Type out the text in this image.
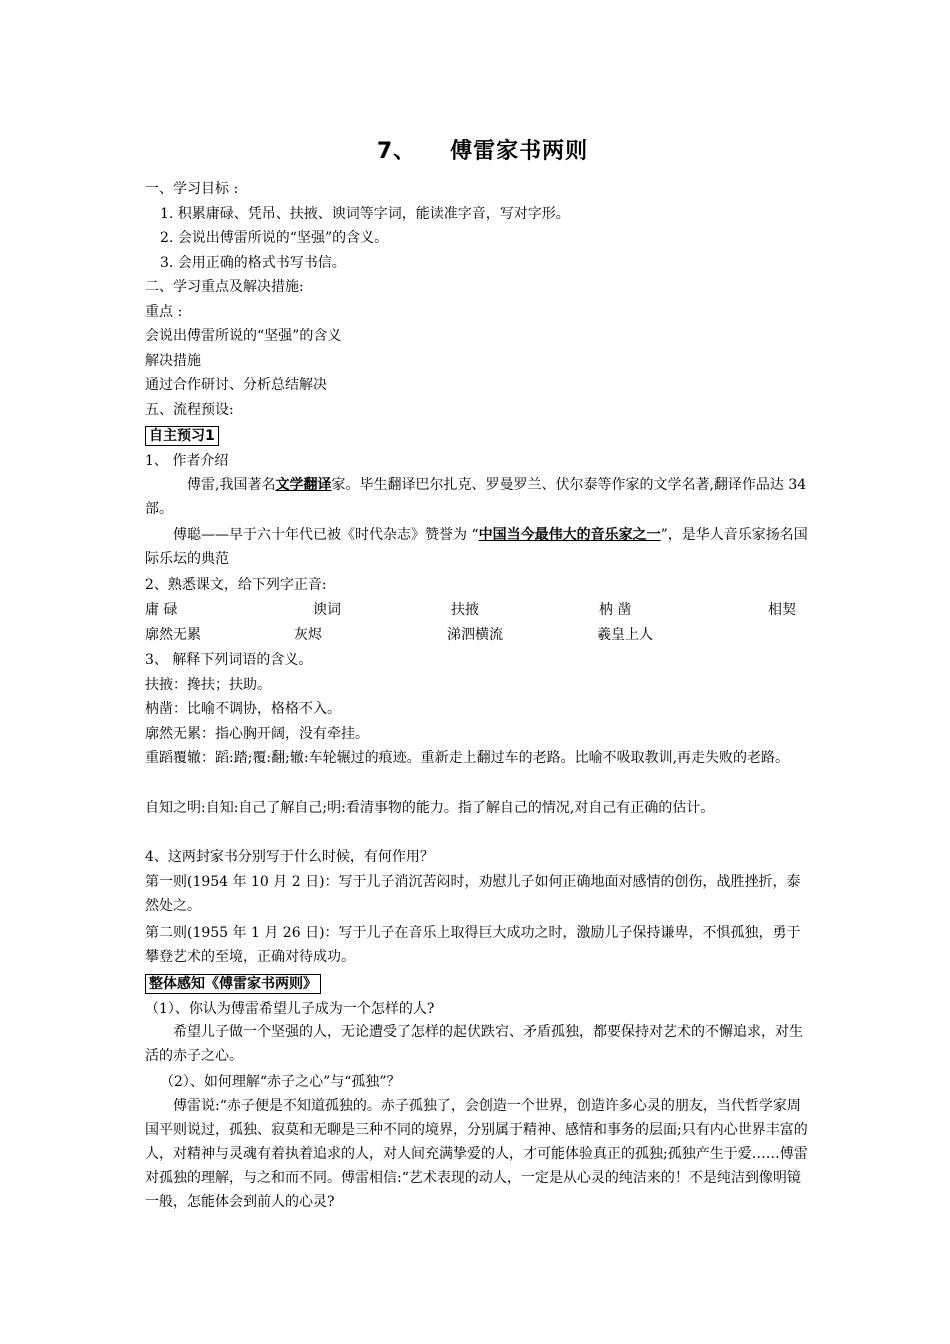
7、 傅雷家书两则
一、学习目标 :
1. 积累庸碌、凭吊、扶掖、谀词等字词，能读准字音，写对字形。
2. 会说出傅雷所说的“坚强”的含义。
3. 会用正确的格式书写书信。
二、学习重点及解决措施:
重点 :
会说出傅雷所说的“坚强”的含义
解决措施
通过合作研讨、分析总结解决
五、流程预设:
自主预习1
1、 作者介绍
傅雷,我国著名文学翻译家。毕生翻译巴尔扎克、罗曼罗兰、伏尔泰等作家的文学名著,翻译作品达 34 部。
傅聪——早于六十年代已被《时代杂志》赞誉为 “中国当今最伟大的音乐家之一”，是华人音乐家扬名国际乐坛的典范
2、熟悉课文，给下列字正音:
庸 碌	谀词	扶掖	枘 凿	相契
廓然无累	灰烬	涕泗横流	羲皇上人
3、 解释下列词语的含义。
扶掖：搀扶；扶助。
枘凿：比喻不调协，格格不入。
廓然无累：指心胸开阔，没有牵挂。
重蹈覆辙：蹈:踏;覆:翻;辙:车轮辗过的痕迹。重新走上翻过车的老路。比喻不吸取教训,再走失败的老路。
自知之明:自知:自己了解自己;明:看清事物的能力。指了解自己的情况,对自己有正确的估计。
4、这两封家书分别写于什么时候，有何作用？
第一则(1954 年 10 月 2 日)：写于儿子消沉苦闷时，劝慰儿子如何正确地面对感情的创伤，战胜挫折，泰然处之。
第二则(1955 年 1 月 26 日)：写于儿子在音乐上取得巨大成功之时，激励儿子保持谦卑，不惧孤独，勇于攀登艺术的至境，正确对待成功。
整体感知《傅雷家书两则》
（1）、你认为傅雷希望儿子成为一个怎样的人?
希望儿子做一个坚强的人，无论遭受了怎样的起伏跌宕、矛盾孤独，都要保持对艺术的不懈追求，对生活的赤子之心。
（2）、如何理解“赤子之心”与“孤独”？
傅雷说:“赤子便是不知道孤独的。赤子孤独了，会创造一个世界，创造许多心灵的朋友，当代哲学家周国平则说过，孤独、寂莫和无聊是三种不同的境界，分别属于精神、感情和事务的层面;只有内心世界丰富的人，对精神与灵魂有着执着追求的人，对人间充满挚爱的人，才可能体验真正的孤独;孤独产生于爱……傅雷对孤独的理解，与之和而不同。傅雷相信:“艺术表现的动人，一定是从心灵的纯洁来的！不是纯洁到像明镜一般，怎能体会到前人的心灵?
